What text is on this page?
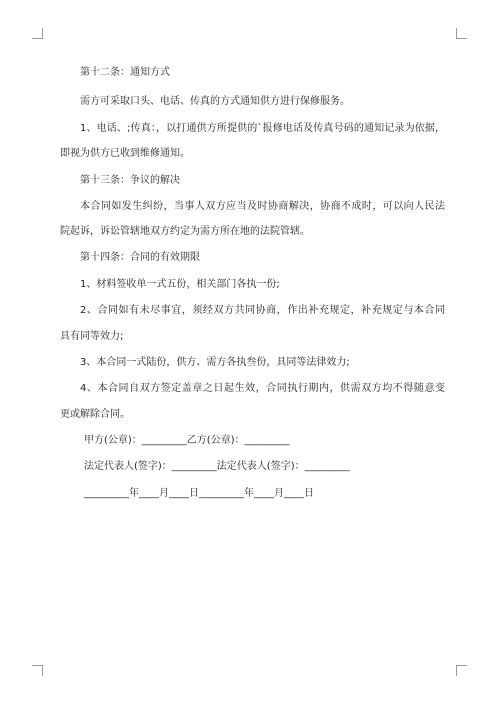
第十二条：通知方式
需方可采取口头、电话、传真的方式通知供方进行保修服务。
1、电话、;传真：，以打通供方所提供的`报修电话及传真号码的通知记录为依据，
即视为供方已收到维修通知。
第十三条：争议的解决
本合同如发生纠纷，当事人双方应当及时协商解决，协商不成时，可以向人民法
院起诉，诉讼管辖地双方约定为需方所在地的法院管辖。
第十四条：合同的有效期限
1、材料签收单一式五份，相关部门各执一份;
2、合同如有未尽事宜，须经双方共同协商，作出补充规定，补充规定与本合同
具有同等效力;
3、本合同一式陆份，供方、需方各执叁份，具同等法律效力;
4、本合同自双方签定盖章之日起生效，合同执行期内，供需双方均不得随意变
更或解除合同。
甲方(公章)：_________乙方(公章)：_________
法定代表人(签字)：_________法定代表人(签字)：_________
_________年____月____日_________年____月____日
